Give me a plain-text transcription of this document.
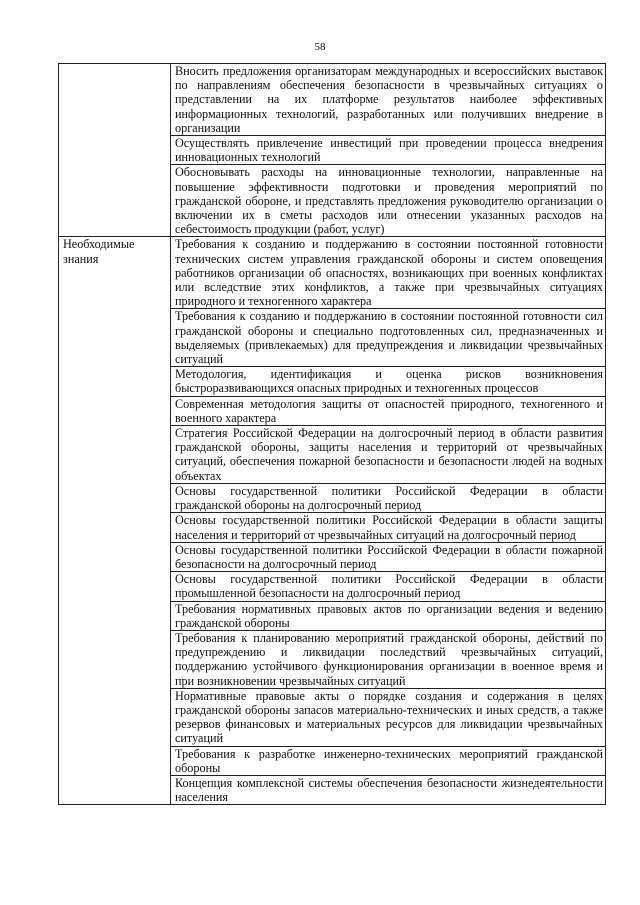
58
	Вносить предложения организаторам международных и всероссийских выставок по направлениям обеспечения безопасности в чрезвычайных ситуациях о представлении на их платформе результатов наиболее эффективных информационных технологий, разработанных или получивших внедрение в организации
	Осуществлять привлечение инвестиций при проведении процесса внедрения инновационных технологий
	Обосновывать расходы на инновационные технологии, направленные на повышение эффективности подготовки и проведения мероприятий по гражданской обороне, и представлять предложения руководителю организации о включении их в сметы расходов или отнесении указанных расходов на себестоимость продукции (работ, услуг)
Необходимые знания	Требования к созданию и поддержанию в состоянии постоянной готовности технических систем управления гражданской обороны и систем оповещения работников организации об опасностях, возникающих при военных конфликтах или вследствие этих конфликтов, а также при чрезвычайных ситуациях природного и техногенного характера
	Требования к созданию и поддержанию в состоянии постоянной готовности сил гражданской обороны и специально подготовленных сил, предназначенных и выделяемых (привлекаемых) для предупреждения и ликвидации чрезвычайных ситуаций
	Методология, идентификация и оценка рисков возникновения быстроразвивающихся опасных природных и техногенных процессов
	Современная методология защиты от опасностей природного, техногенного и военного характера
	Стратегия Российской Федерации на долгосрочный период в области развития гражданской обороны, защиты населения и территорий от чрезвычайных ситуаций, обеспечения пожарной безопасности и безопасности людей на водных объектах
	Основы государственной политики Российской Федерации в области гражданской обороны на долгосрочный период
	Основы государственной политики Российской Федерации в области защиты населения и территорий от чрезвычайных ситуаций на долгосрочный период
	Основы государственной политики Российской Федерации в области пожарной безопасности на долгосрочный период
	Основы государственной политики Российской Федерации в области промышленной безопасности на долгосрочный период
	Требования нормативных правовых актов по организации ведения и ведению гражданской обороны
	Требования к планированию мероприятий гражданской обороны, действий по предупреждению и ликвидации последствий чрезвычайных ситуаций, поддержанию устойчивого функционирования организации в военное время и при возникновении чрезвычайных ситуаций
	Нормативные правовые акты о порядке создания и содержания в целях гражданской обороны запасов материально-технических и иных средств, а также резервов финансовых и материальных ресурсов для ликвидации чрезвычайных ситуаций
	Требования к разработке инженерно-технических мероприятий гражданской обороны
	Концепция комплексной системы обеспечения безопасности жизнедеятельности населения
